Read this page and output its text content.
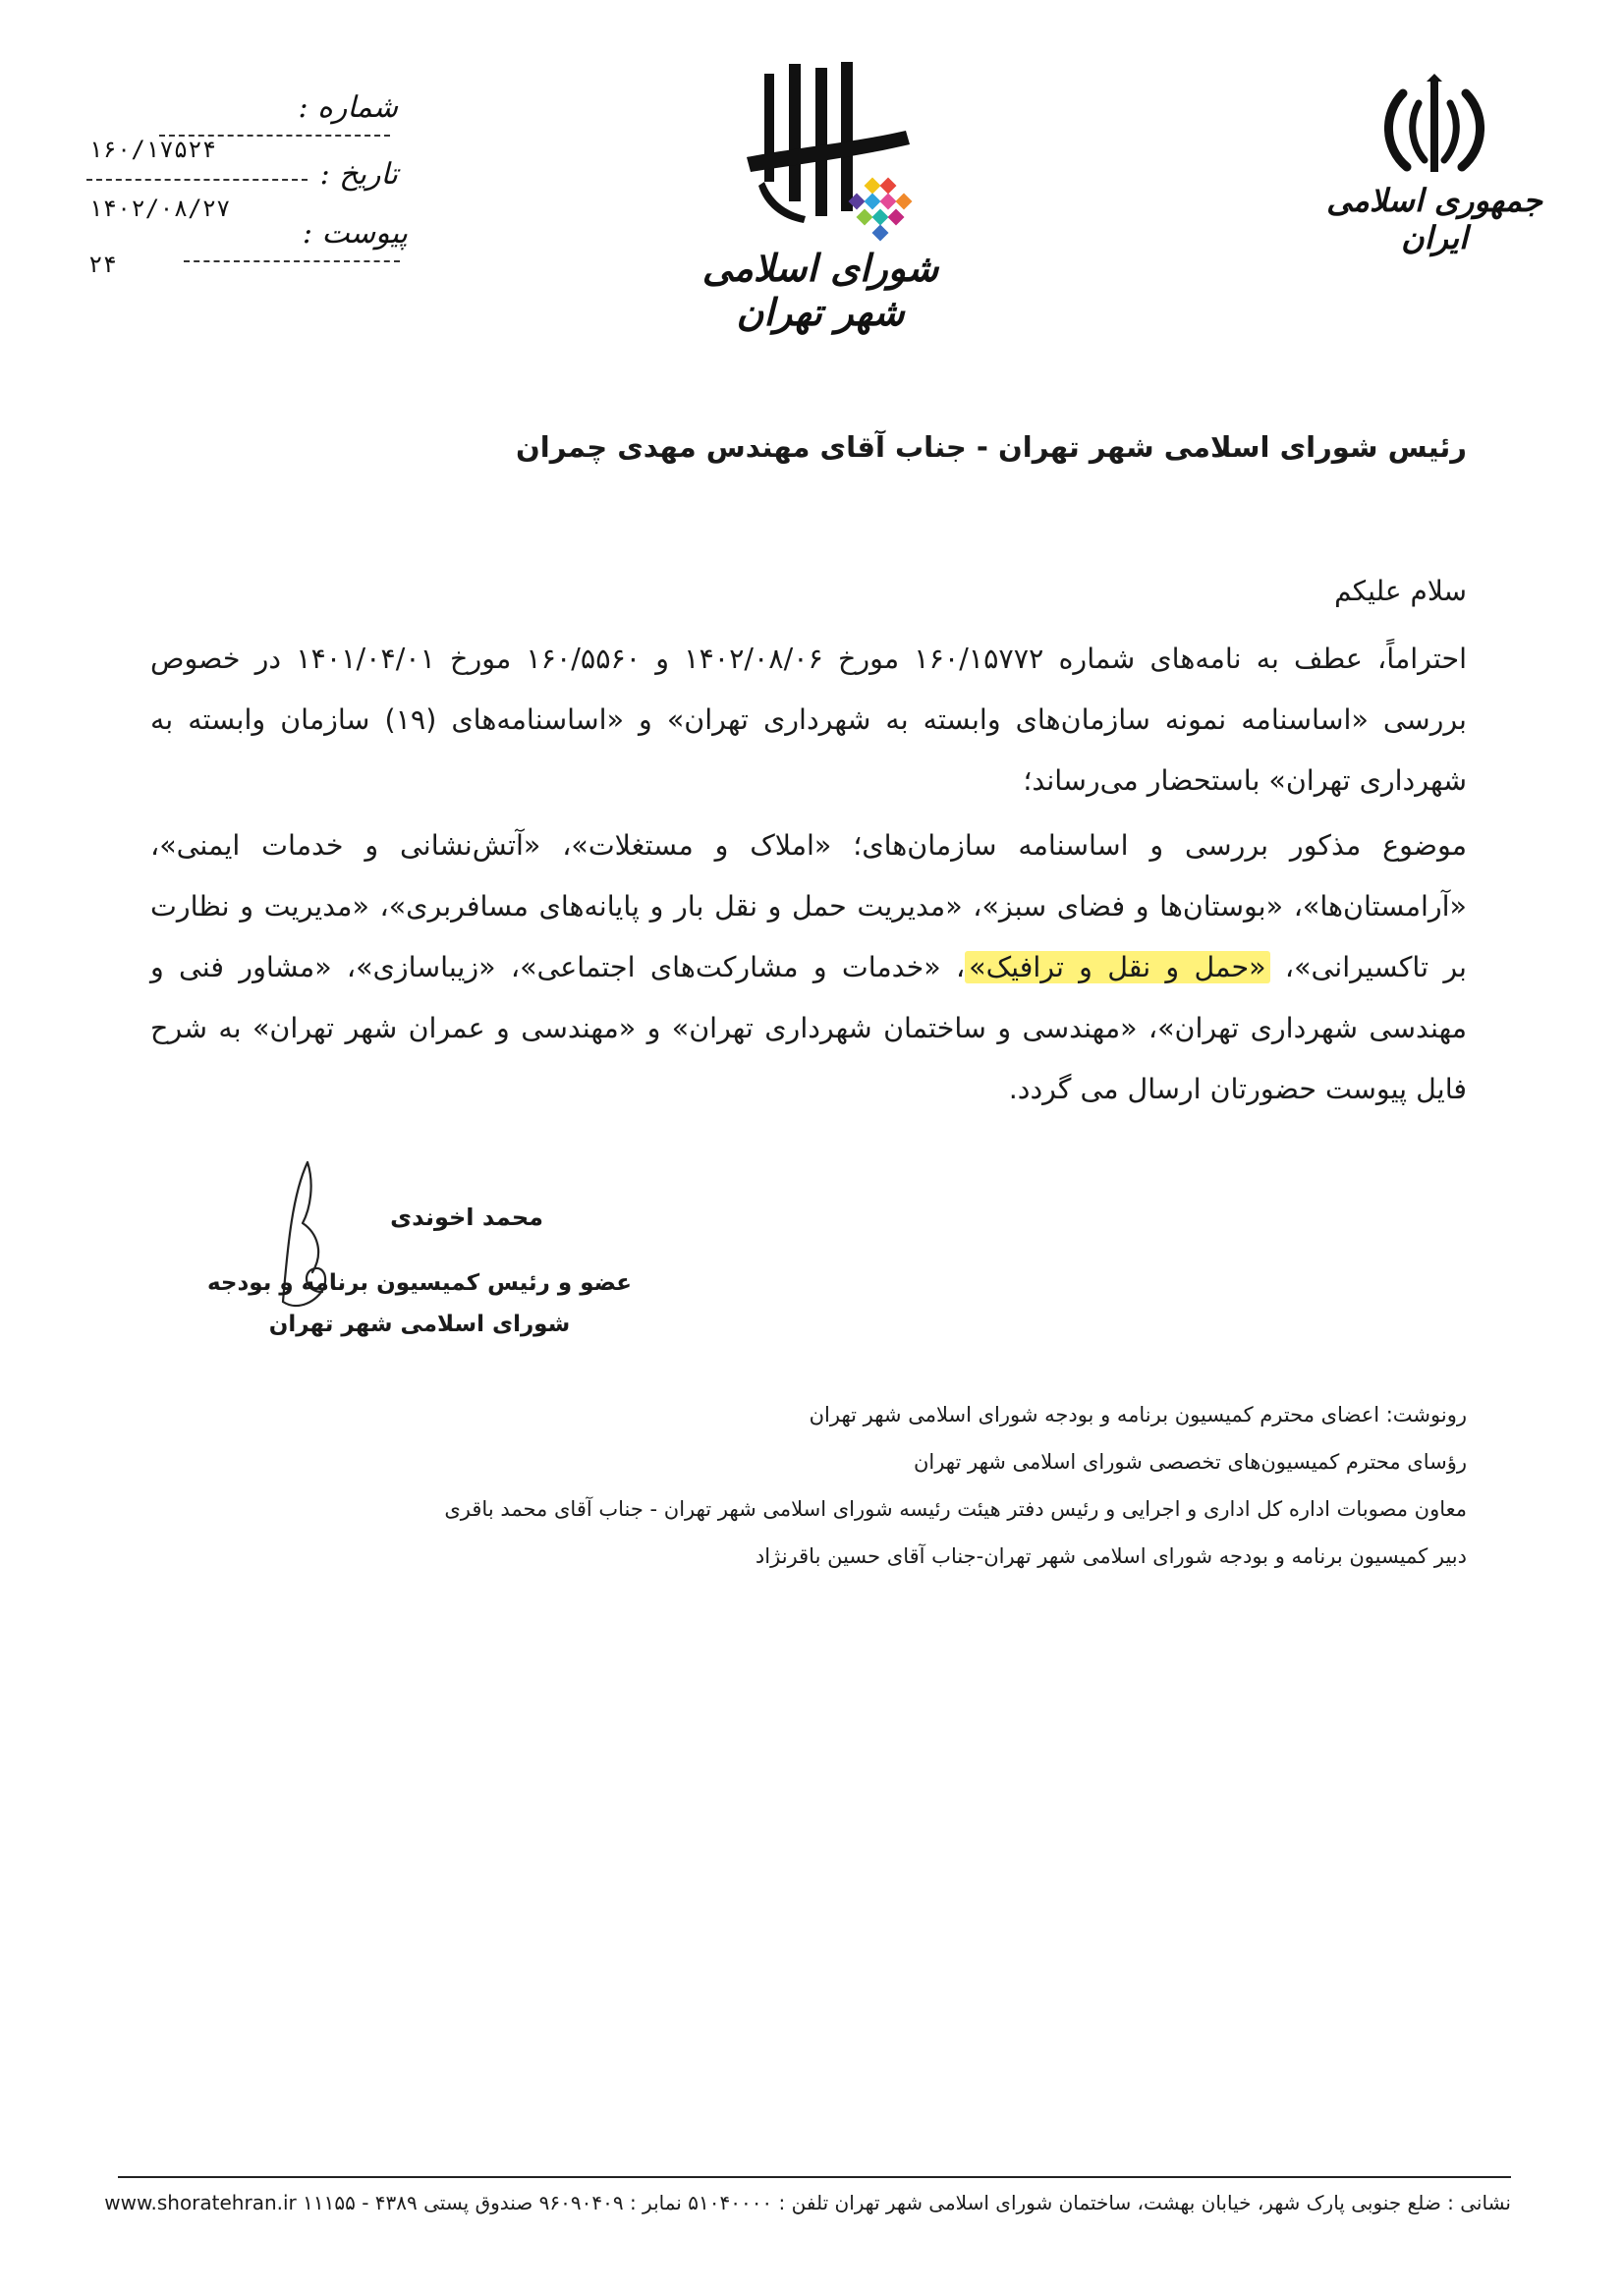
شماره :
۱۶۰/۱۷۵۲۴
تاریخ :
۱۴۰۲/۰۸/۲۷
پیوست :
۲۴	شورای اسلامی شهر تهران
جمهوری اسلامی ایران
رئیس شورای اسلامی شهر تهران - جناب آقای مهندس مهدی چمران
سلام علیکم
احتراماً، عطف به نامه‌های شماره ۱۶۰/۱۵۷۷۲ مورخ ۱۴۰۲/۰۸/۰۶ و ۱۶۰/۵۵۶۰ مورخ ۱۴۰۱/۰۴/۰۱ در خصوص بررسی «اساسنامه نمونه سازمان‌های وابسته به شهرداری تهران» و «اساسنامه‌های (۱۹) سازمان وابسته به شهرداری تهران» باستحضار می‌رساند؛
موضوع مذکور بررسی و اساسنامه سازمان‌های؛ «املاک و مستغلات»، «آتش‌نشانی و خدمات ایمنی»، «آرامستان‌ها»، «بوستان‌ها و فضای سبز»، «مدیریت حمل و نقل بار و پایانه‌های مسافربری»، «مدیریت و نظارت بر تاکسیرانی»، «حمل و نقل و ترافیک»، «خدمات و مشارکت‌های اجتماعی»، «زیباسازی»، «مشاور فنی و مهندسی شهرداری تهران»، «مهندسی و ساختمان شهرداری تهران» و «مهندسی و عمران شهر تهران» به شرح فایل پیوست حضورتان ارسال می گردد.
محمد اخوندی
عضو و رئیس کمیسیون برنامه و بودجه
شورای اسلامی شهر تهران
رونوشت: اعضای محترم کمیسیون برنامه و بودجه شورای اسلامی شهر تهران
رؤسای محترم کمیسیون‌های تخصصی شورای اسلامی شهر تهران
معاون مصوبات اداره کل اداری و اجرایی و رئیس دفتر هیئت رئیسه شورای اسلامی شهر تهران - جناب آقای محمد باقری
دبیر کمیسیون برنامه و بودجه شورای اسلامی شهر تهران-جناب آقای حسین باقرنژاد
نشانی : ضلع جنوبی پارک شهر، خیابان بهشت، ساختمان شورای اسلامی شهر تهران تلفن : ۵۱۰۴۰۰۰۰ نمابر : ۹۶۰۹۰۴۰۹ صندوق پستی ۴۳۸۹ - ۱۱۱۵۵ www.shoratehran.ir
